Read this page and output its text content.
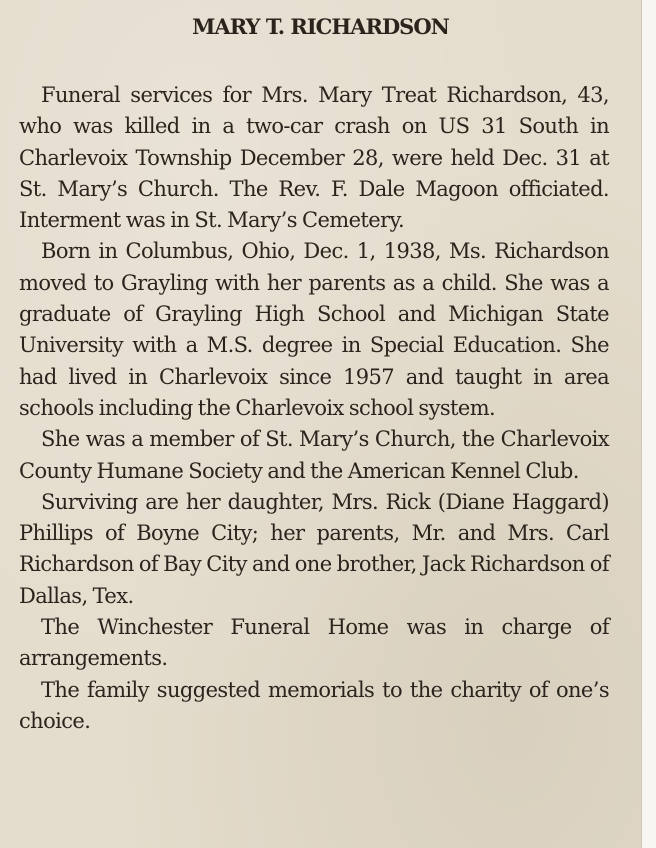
MARY T. RICHARDSON

Funeral services for Mrs. Mary Treat Richardson, 43, who was killed in a two-car crash on US 31 South in Charlevoix Township December 28, were held Dec. 31 at St. Mary’s Church. The Rev. F. Dale Magoon officiated. Interment was in St. Mary’s Cemetery.

Born in Columbus, Ohio, Dec. 1, 1938, Ms. Richardson moved to Grayling with her parents as a child. She was a graduate of Grayling High School and Michigan State University with a M.S. degree in Special Education. She had lived in Charlevoix since 1957 and taught in area schools including the Charlevoix school system.

She was a member of St. Mary’s Church, the Charlevoix County Humane Society and the American Kennel Club.

Surviving are her daughter, Mrs. Rick (Diane Haggard) Phillips of Boyne City; her parents, Mr. and Mrs. Carl Richardson of Bay City and one brother, Jack Richardson of Dallas, Tex.

The Winchester Funeral Home was in charge of arrangements.

The family suggested memorials to the charity of one’s choice.
